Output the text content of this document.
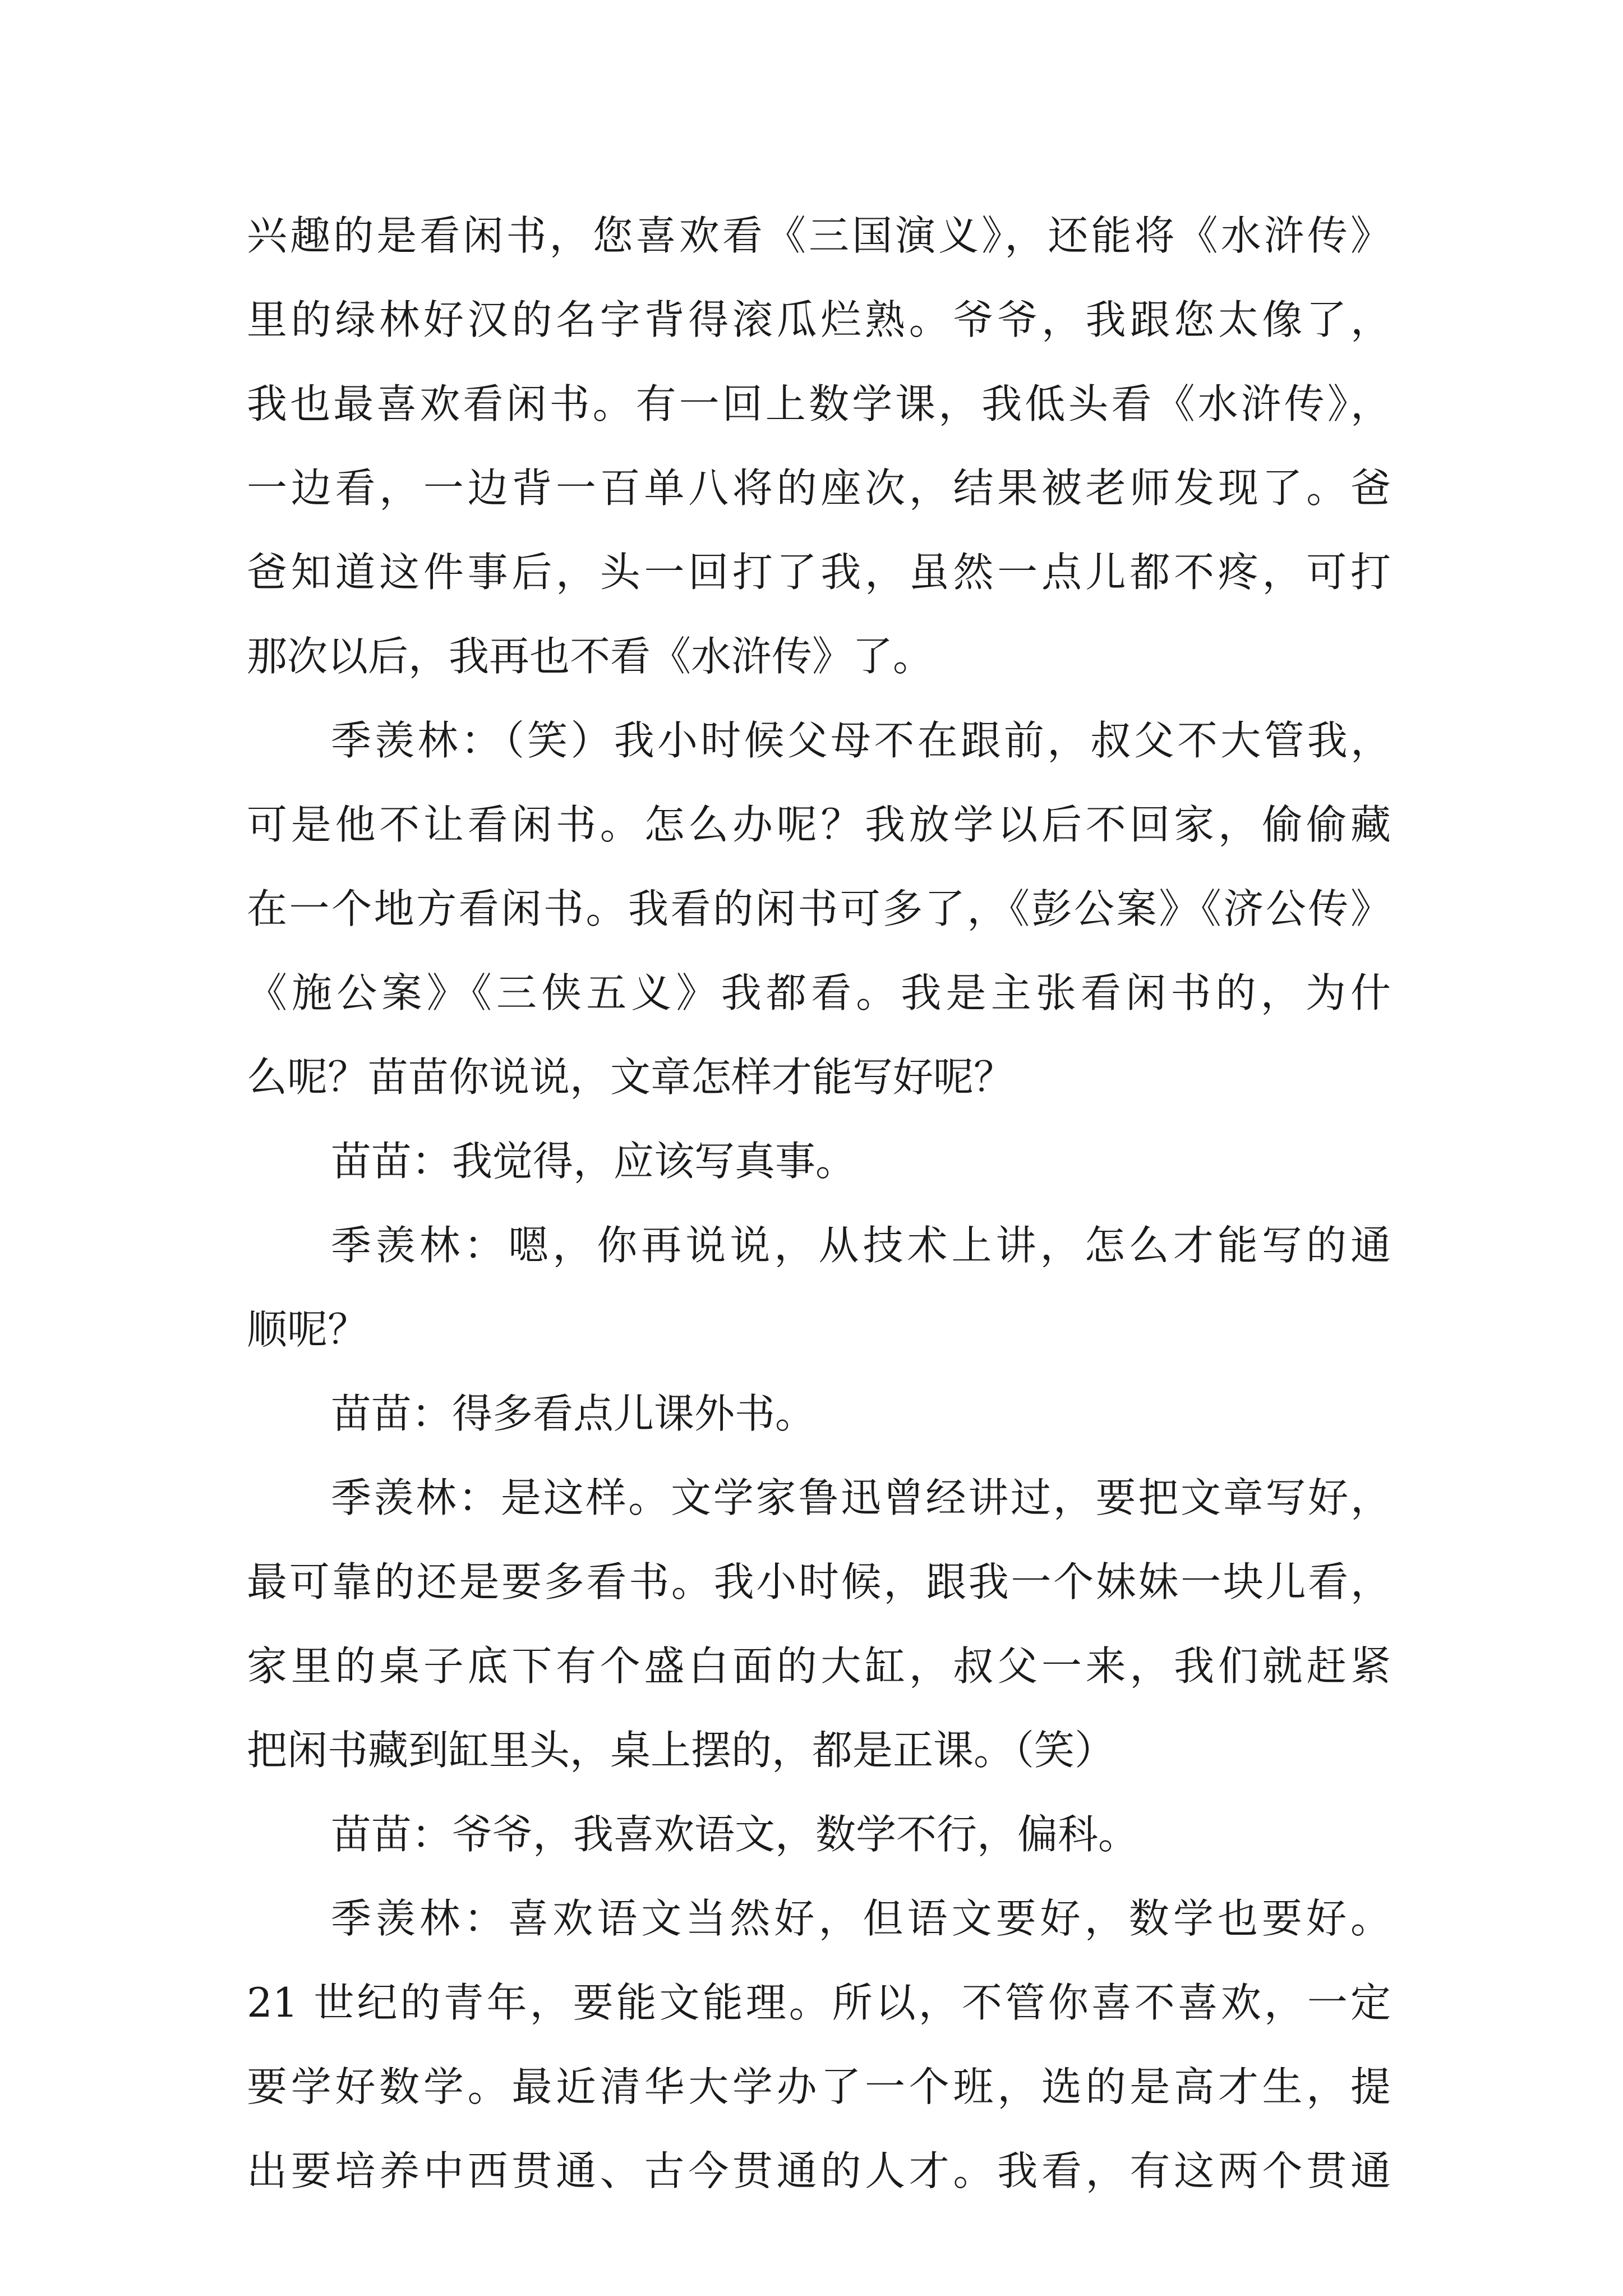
兴趣的是看闲书，您喜欢看《三国演义》，还能将《水浒传》
里的绿林好汉的名字背得滚瓜烂熟。爷爷，我跟您太像了，
我也最喜欢看闲书。有一回上数学课，我低头看《水浒传》，
一边看，一边背一百单八将的座次，结果被老师发现了。爸
爸知道这件事后，头一回打了我，虽然一点儿都不疼，可打
那次以后，我再也不看《水浒传》了。
季羡林：（笑）我小时候父母不在跟前，叔父不大管我，
可是他不让看闲书。怎么办呢？我放学以后不回家，偷偷藏
在一个地方看闲书。我看的闲书可多了，《彭公案》《济公传》
《施公案》《三侠五义》我都看。我是主张看闲书的，为什
么呢？苗苗你说说，文章怎样才能写好呢？
苗苗：我觉得，应该写真事。
季羡林：嗯，你再说说，从技术上讲，怎么才能写的通
顺呢？
苗苗：得多看点儿课外书。
季羡林：是这样。文学家鲁迅曾经讲过，要把文章写好，
最可靠的还是要多看书。我小时候，跟我一个妹妹一块儿看，
家里的桌子底下有个盛白面的大缸，叔父一来，我们就赶紧
把闲书藏到缸里头，桌上摆的，都是正课。（笑）
苗苗：爷爷，我喜欢语文，数学不行，偏科。
季羡林：喜欢语文当然好，但语文要好，数学也要好。
21 世纪的青年，要能文能理。所以，不管你喜不喜欢，一定
要学好数学。最近清华大学办了一个班，选的是高才生，提
出要培养中西贯通、古今贯通的人才。我看，有这两个贯通
